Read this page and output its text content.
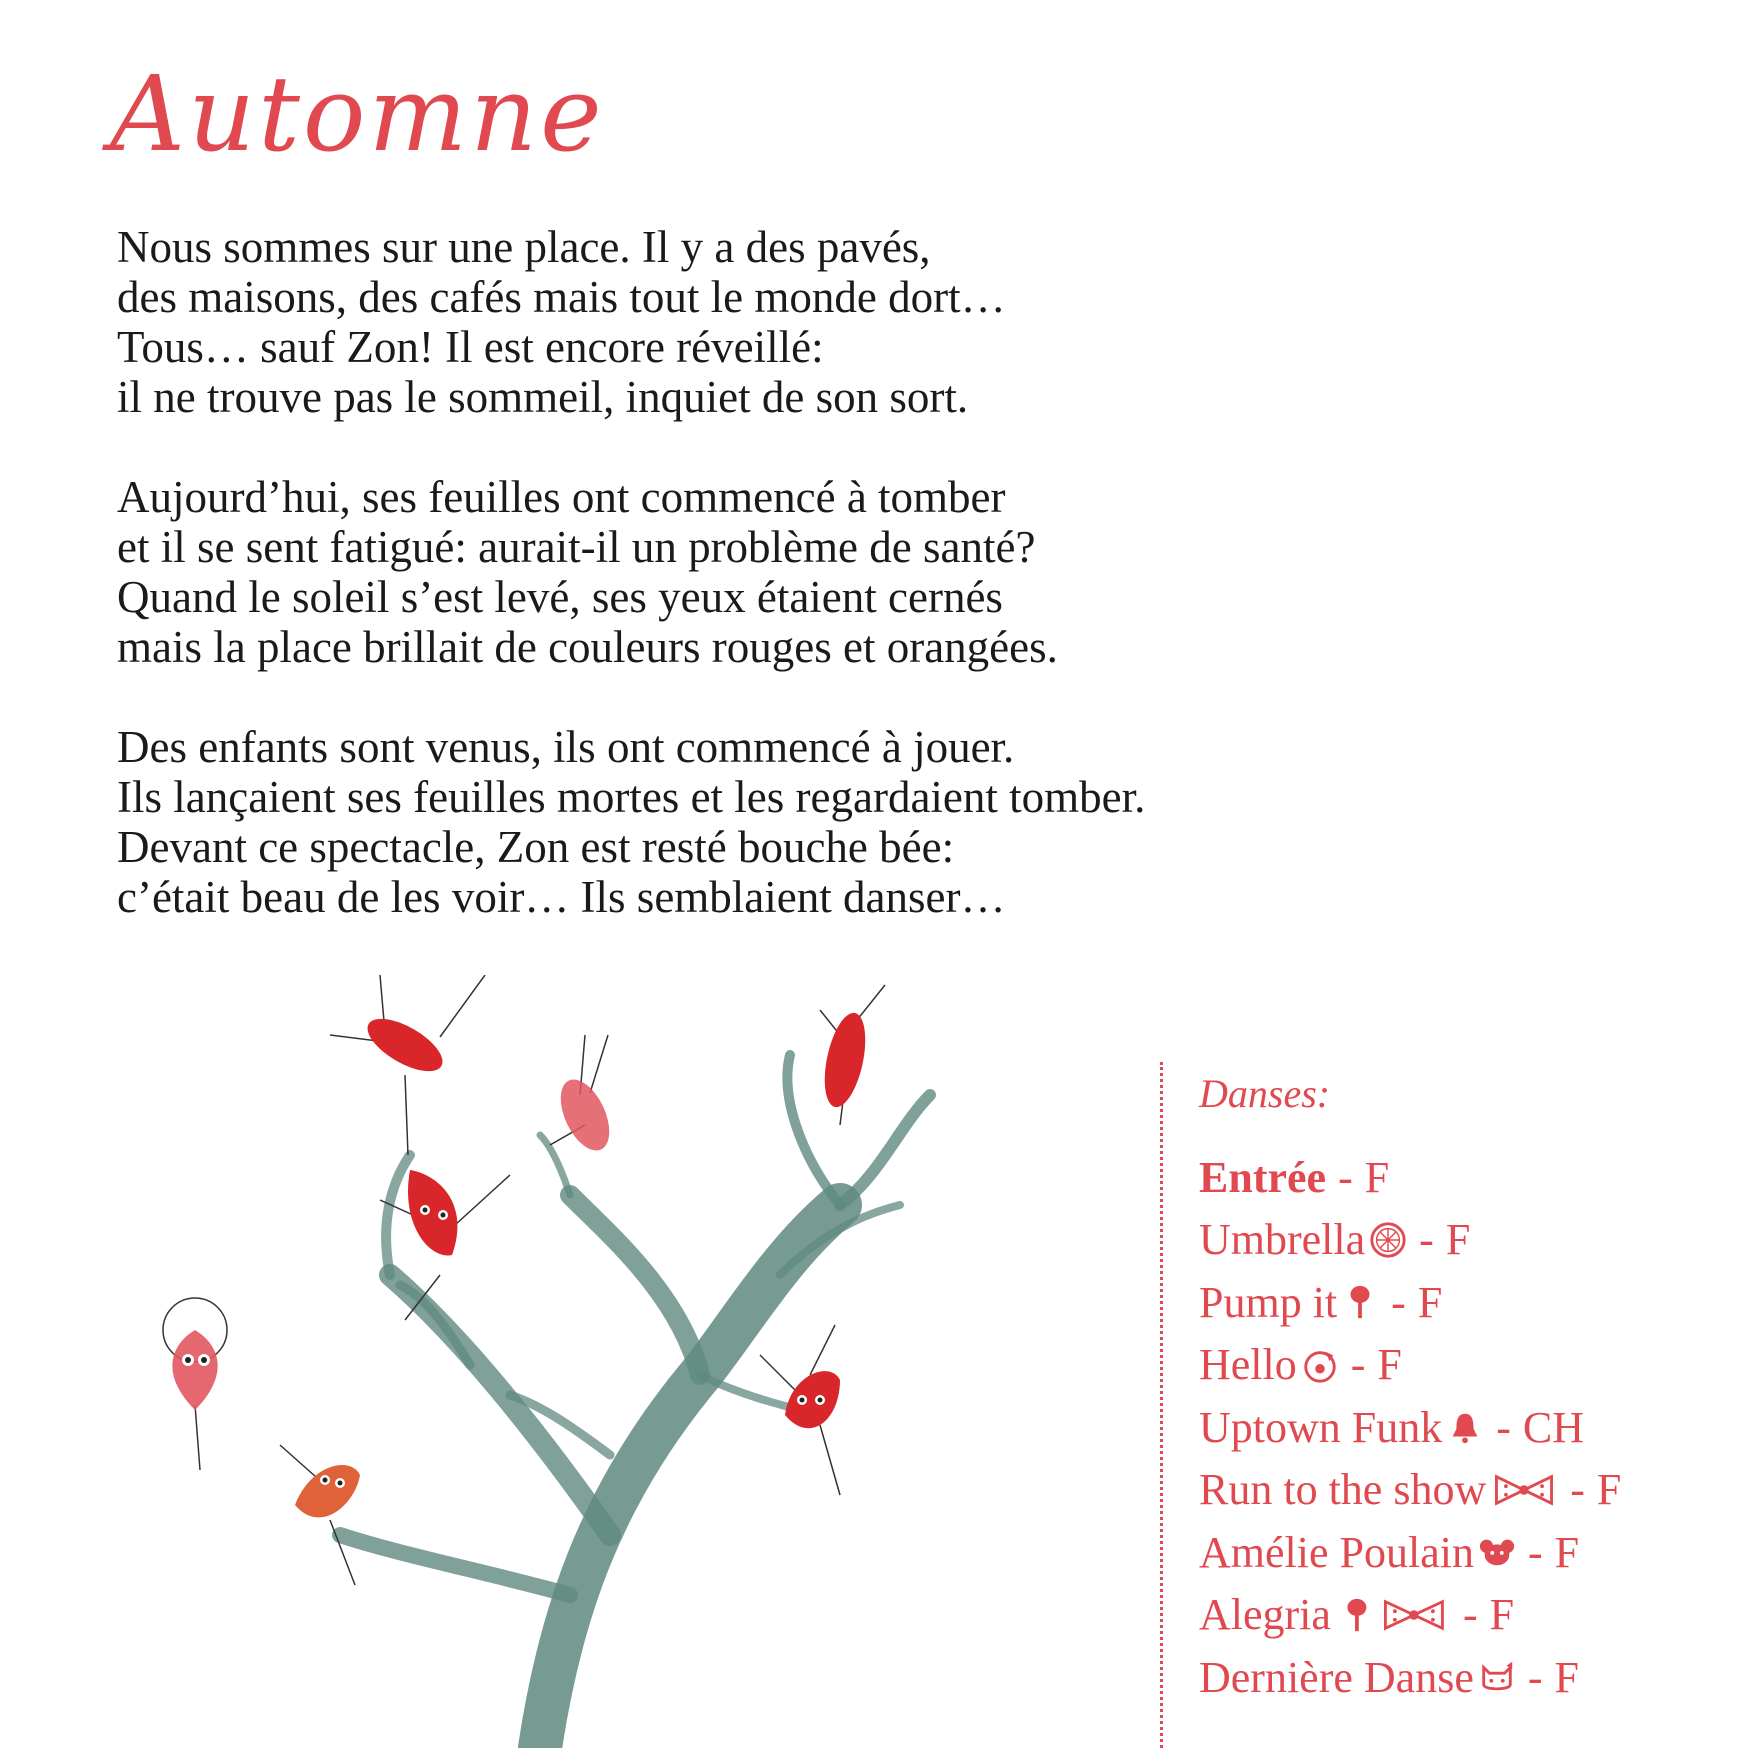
Automne
Nous sommes sur une place. Il y a des pavés,
des maisons, des cafés mais tout le monde dort…
Tous… sauf Zon! Il est encore réveillé:
il ne trouve pas le sommeil, inquiet de son sort.
Aujourd’hui, ses feuilles ont commencé à tomber
et il se sent fatigué: aurait-il un problème de santé?
Quand le soleil s’est levé, ses yeux étaient cernés
mais la place brillait de couleurs rouges et orangées.
Des enfants sont venus, ils ont commencé à jouer.
Ils lançaient ses feuilles mortes et les regardaient tomber.
Devant ce spectacle, Zon est resté bouche bée:
c’était beau de les voir… Ils semblaient danser…
Danses:
Entrée - F
Umbrella - F
Pump it - F
Hello - F
Uptown Funk - CH
Run to the show - F
Amélie Poulain - F
Alegria	- F
Dernière Danse - F
